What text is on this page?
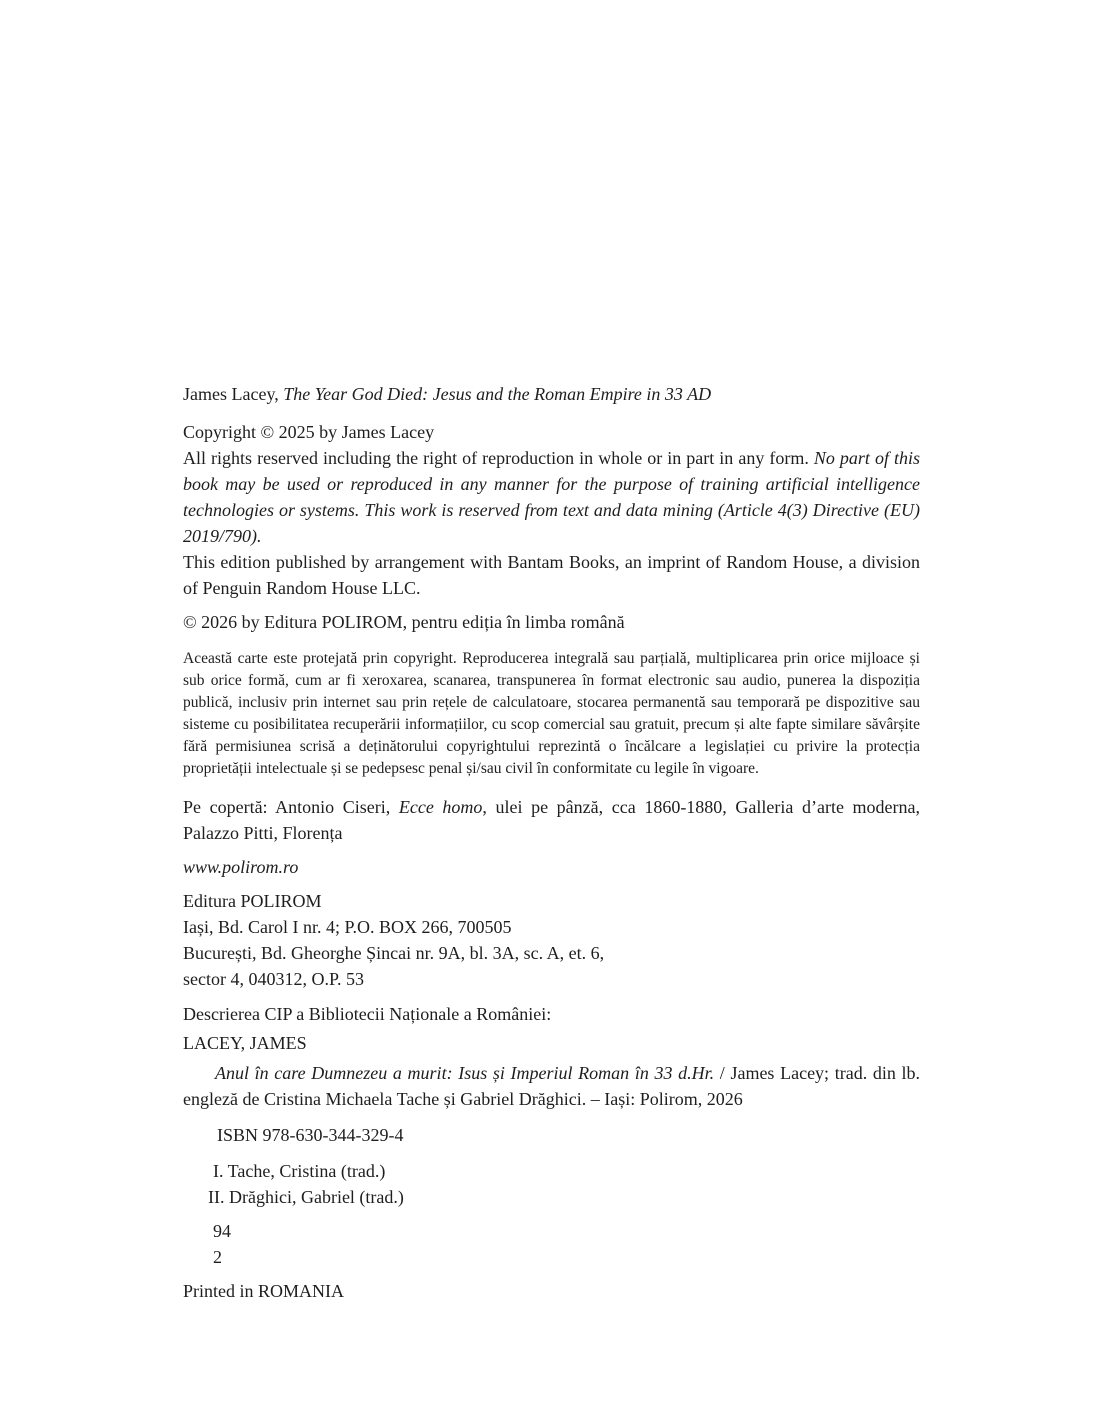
James Lacey, The Year God Died: Jesus and the Roman Empire in 33 AD

Copyright © 2025 by James Lacey

All rights reserved including the right of reproduction in whole or in part in any form. No part of this book may be used or reproduced in any manner for the purpose of training artificial intelligence technologies or systems. This work is reserved from text and data mining (Article 4(3) Directive (EU) 2019/790).

This edition published by arrangement with Bantam Books, an imprint of Random House, a division of Penguin Random House LLC.

© 2026 by Editura POLIROM, pentru ediția în limba română

Această carte este protejată prin copyright. Reproducerea integrală sau parțială, multiplicarea prin orice mijloace și sub orice formă, cum ar fi xeroxarea, scanarea, transpunerea în format electronic sau audio, punerea la dispoziția publică, inclusiv prin internet sau prin rețele de calculatoare, stocarea permanentă sau temporară pe dispozitive sau sisteme cu posibilitatea recuperării informațiilor, cu scop comercial sau gratuit, precum și alte fapte similare săvârșite fără permisiunea scrisă a deținătorului copyrightului reprezintă o încălcare a legislației cu privire la protecția proprietății intelectuale și se pedepsesc penal și/sau civil în conformitate cu legile în vigoare.

Pe copertă: Antonio Ciseri, Ecce homo, ulei pe pânză, cca 1860-1880, Galleria d’arte moderna, Palazzo Pitti, Florența

www.polirom.ro

Editura POLIROM
Iași, Bd. Carol I nr. 4; P.O. BOX 266, 700505
București, Bd. Gheorghe Șincai nr. 9A, bl. 3A, sc. A, et. 6,
sector 4, 040312, O.P. 53

Descrierea CIP a Bibliotecii Naționale a României:

LACEY, JAMES

Anul în care Dumnezeu a murit: Isus și Imperiul Roman în 33 d.Hr. / James Lacey; trad. din lb. engleză de Cristina Michaela Tache și Gabriel Drăghici. – Iași: Polirom, 2026

ISBN 978-630-344-329-4

I. Tache, Cristina (trad.)
II. Drăghici, Gabriel (trad.)
94
2

Printed in ROMANIA
